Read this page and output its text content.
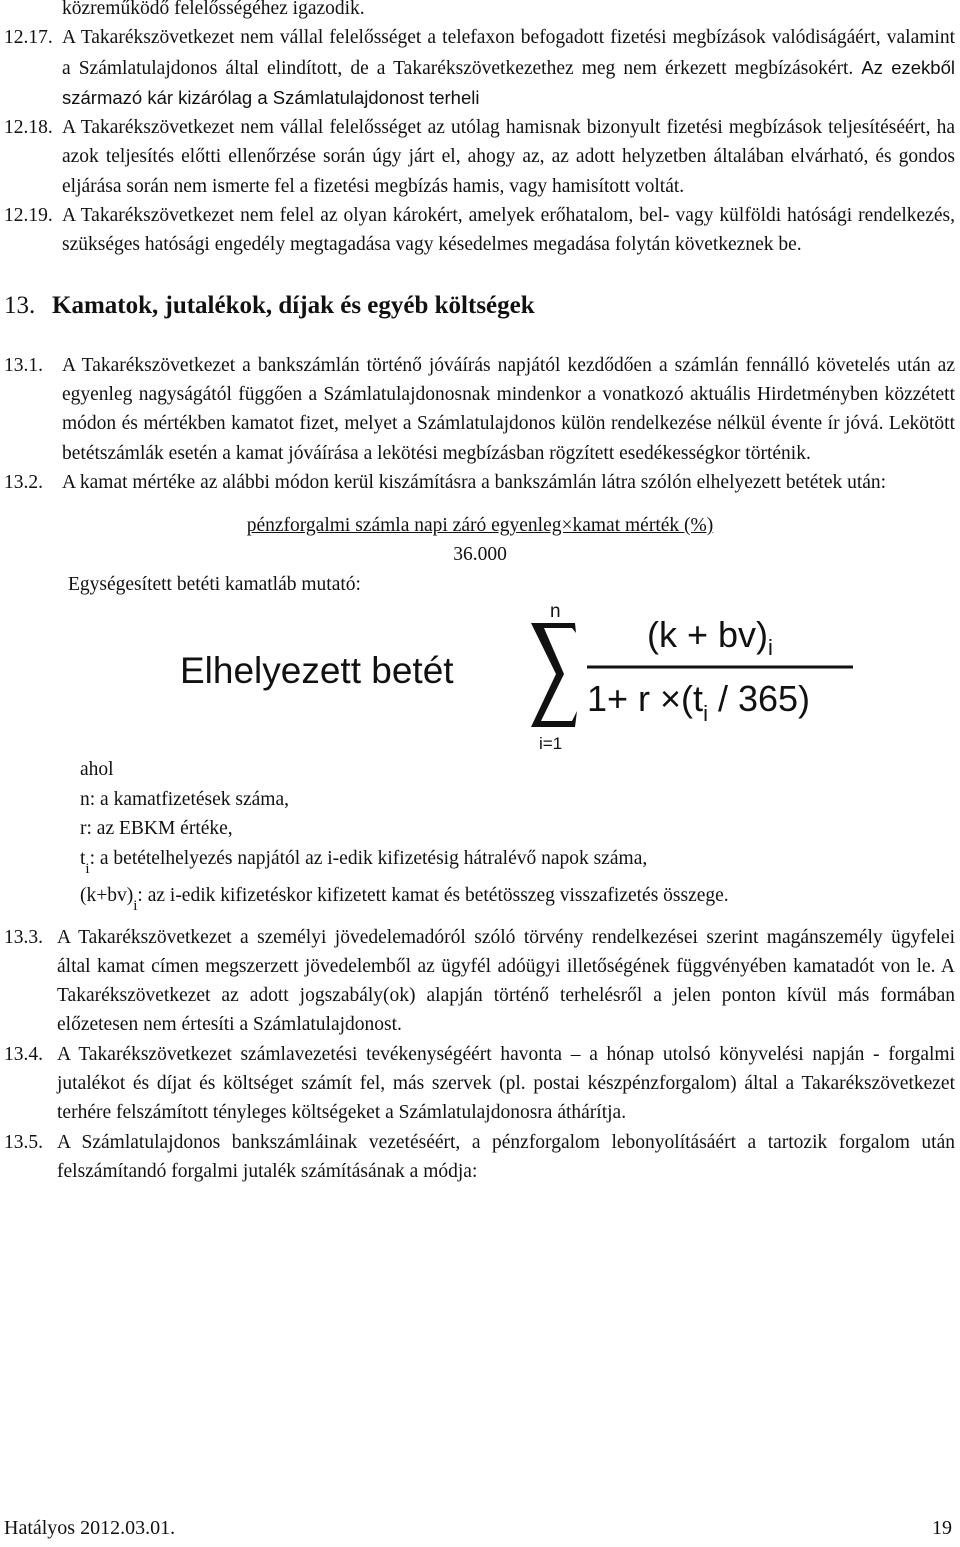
közreműködő felelősségéhez igazodik.

12.17. A Takarékszövetkezet nem vállal felelősséget a telefaxon befogadott fizetési megbízások valódiságáért, valamint a Számlatulajdonos által elindított, de a Takarékszövetkezethez meg nem érkezett megbízásokért. Az ezekből származó kár kizárólag a Számlatulajdonost terheli

12.18. A Takarékszövetkezet nem vállal felelősséget az utólag hamisnak bizonyult fizetési megbízások teljesítéséért, ha azok teljesítés előtti ellenőrzése során úgy járt el, ahogy az, az adott helyzetben általában elvárható, és gondos eljárása során nem ismerte fel a fizetési megbízás hamis, vagy hamisított voltát.

12.19. A Takarékszövetkezet nem felel az olyan károkért, amelyek erőhatalom, bel- vagy külföldi hatósági rendelkezés, szükséges hatósági engedély megtagadása vagy késedelmes megadása folytán következnek be.

13. Kamatok, jutalékok, díjak és egyéb költségek

13.1. A Takarékszövetkezet a bankszámlán történő jóváírás napjától kezdődően a számlán fennálló követelés után az egyenleg nagyságától függően a Számlatulajdonosnak mindenkor a vonatkozó aktuális Hirdetményben közzétett módon és mértékben kamatot fizet, melyet a Számlatulajdonos külön rendelkezése nélkül évente ír jóvá. Lekötött betétszámlák esetén a kamat jóváírása a lekötési megbízásban rögzített esedékességkor történik.

13.2. A kamat mértéke az alábbi módon kerül kiszámításra a bankszámlán látra szólón elhelyezett betétek után:

pénzforgalmi számla napi záró egyenleg×kamat mérték (%)
36.000
Egységesített betéti kamatláb mutató:
Elhelyezett betét
n
i=1
$(k + bv)_i$
$1+ r \times(t_i / 365)$
ahol
n: a kamatfizetések száma,
r: az EBKM értéke,
$t_i$: a betételhelyezés napjától az i-edik kifizetésig hátralévő napok száma,
$(k+bv)_i$: az i-edik kifizetéskor kifizetett kamat és betétösszeg visszafizetés összege.

13.3. A Takarékszövetkezet a személyi jövedelemadóról szóló törvény rendelkezései szerint magánszemély ügyfelei által kamat címen megszerzett jövedelemből az ügyfél adóügyi illetőségének függvényében kamatadót von le. A Takarékszövetkezet az adott jogszabály(ok) alapján történő terhelésről a jelen ponton kívül más formában előzetesen nem értesíti a Számlatulajdonost.

13.4. A Takarékszövetkezet számlavezetési tevékenységéért havonta – a hónap utolsó könyvelési napján - forgalmi jutalékot és díjat és költséget számít fel, más szervek (pl. postai készpénzforgalom) által a Takarékszövetkezet terhére felszámított tényleges költségeket a Számlatulajdonosra áthárítja.

13.5. A Számlatulajdonos bankszámláinak vezetéséért, a pénzforgalom lebonyolításáért a tartozik forgalom után felszámítandó forgalmi jutalék számításának a módja:

Hatályos 2012.03.01.	19
